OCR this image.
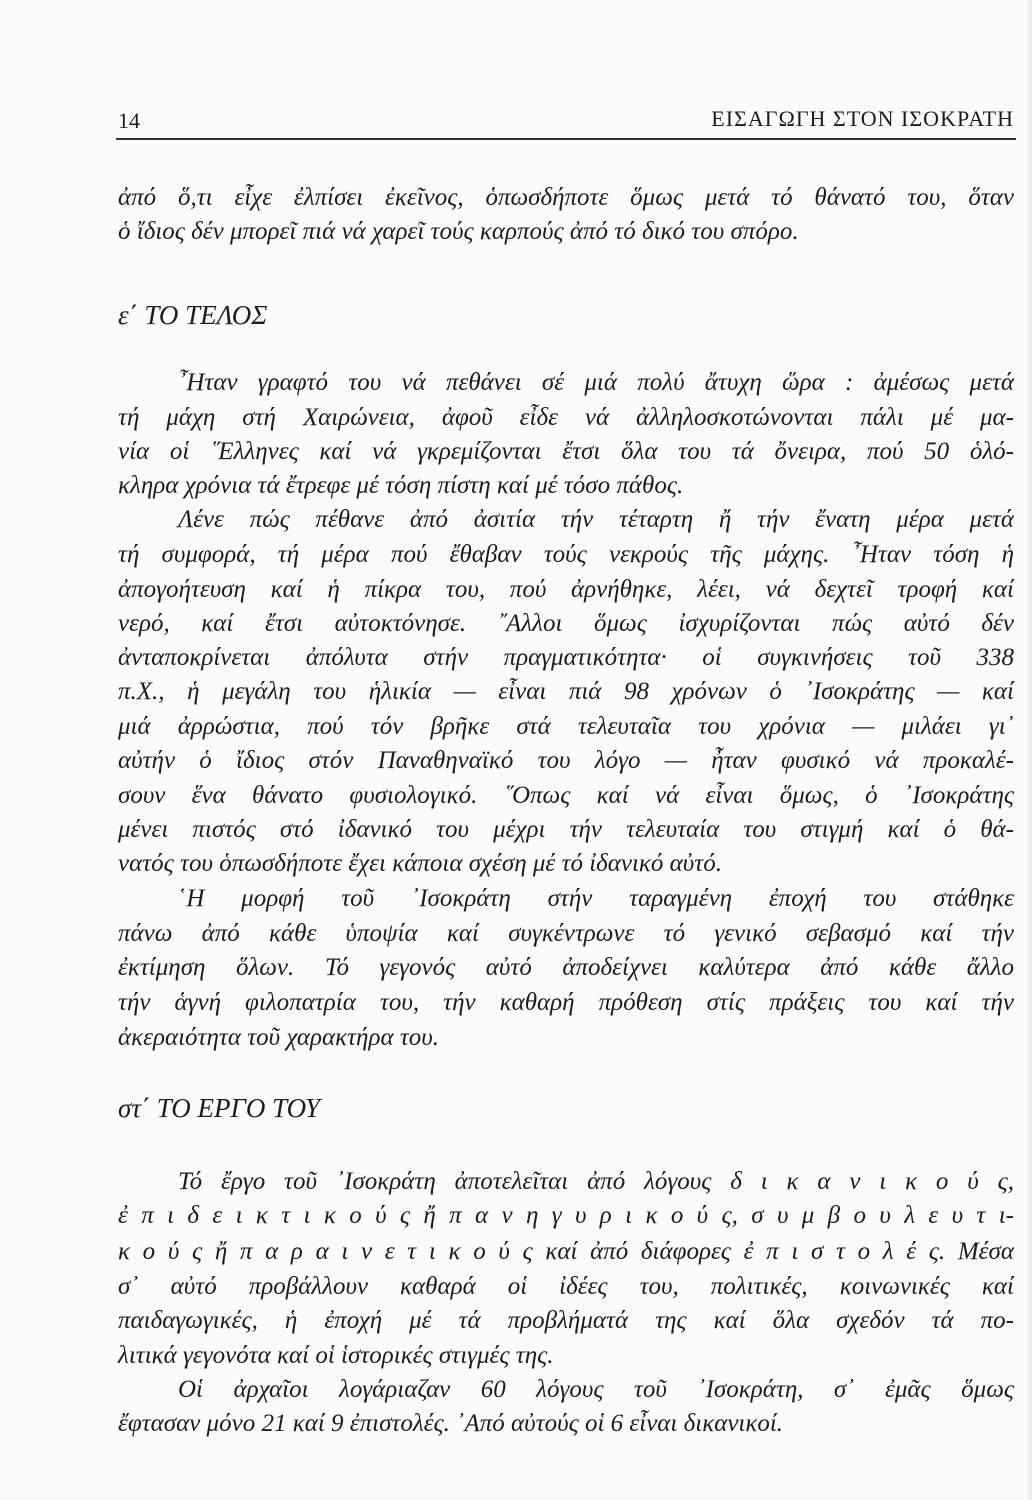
14	ΕΙΣΑΓΩΓΗ ΣΤΟΝ ΙΣΟΚΡΑΤΗ
ἀπό ὅ,τι εἶχε ἐλπίσει ἐκεῖνος, ὁπωσδήποτε ὅμως μετά τό θάνατό του, ὅταν
ὁ ἴδιος δέν μπορεῖ πιά νά χαρεῖ τούς καρπούς ἀπό τό δικό του σπόρο.
ε΄ ΤΟ ΤΕΛΟΣ
῏Ηταν γραφτό του νά πεθάνει σέ μιά πολύ ἄτυχη ὥρα : ἀμέσως μετά
τή μάχη στή Χαιρώνεια, ἀφοῦ εἶδε νά ἀλληλοσκοτώνονται πάλι μέ μα-
νία οἱ ῞Ελληνες καί νά γκρεμίζονται ἔτσι ὅλα του τά ὄνειρα, πού 50 ὁλό-
κληρα χρόνια τά ἔτρεφε μέ τόση πίστη καί μέ τόσο πάθος.
Λένε πώς πέθανε ἀπό ἀσιτία τήν τέταρτη ἤ τήν ἔνατη μέρα μετά
τή συμφορά, τή μέρα πού ἔθαβαν τούς νεκρούς τῆς μάχης. ῏Ηταν τόση ἡ
ἀπογοήτευση καί ἡ πίκρα του, πού ἀρνήθηκε, λέει, νά δεχτεῖ τροφή καί
νερό, καί ἔτσι αὐτοκτόνησε. ῎Αλλοι ὅμως ἰσχυρίζονται πώς αὐτό δέν
ἀνταποκρίνεται ἀπόλυτα στήν πραγματικότητα· οἱ συγκινήσεις τοῦ 338
π.Χ., ἡ μεγάλη του ἡλικία — εἶναι πιά 98 χρόνων ὁ ᾿Ισοκράτης — καί
μιά ἀρρώστια, πού τόν βρῆκε στά τελευταῖα του χρόνια — μιλάει γι᾿
αὐτήν ὁ ἴδιος στόν Παναθηναϊκό του λόγο — ἦταν φυσικό νά προκαλέ-
σουν ἕνα θάνατο φυσιολογικό. ῞Οπως καί νά εἶναι ὅμως, ὁ ᾿Ισοκράτης
μένει πιστός στό ἰδανικό του μέχρι τήν τελευταία του στιγμή καί ὁ θά-
νατός του ὁπωσδήποτε ἔχει κάποια σχέση μέ τό ἰδανικό αὐτό.
῾Η μορφή τοῦ ᾿Ισοκράτη στήν ταραγμένη ἐποχή του στάθηκε
πάνω ἀπό κάθε ὑποψία καί συγκέντρωνε τό γενικό σεβασμό καί τήν
ἐκτίμηση ὅλων. Τό γεγονός αὐτό ἀποδείχνει καλύτερα ἀπό κάθε ἄλλο
τήν ἁγνή φιλοπατρία του, τήν καθαρή πρόθεση στίς πράξεις του καί τήν
ἀκεραιότητα τοῦ χαρακτήρα του.
στ΄ ΤΟ ΕΡΓΟ ΤΟΥ
Τό ἔργο τοῦ ᾿Ισοκράτη ἀποτελεῖται ἀπό λόγους δ ι κ α ν ι κ ο ύ ς,
ἐ π ι δ ε ι κ τ ι κ ο ύ ς ἤ π α ν η γ υ ρ ι κ ο ύ ς, σ υ μ β ο υ λ ε υ τ ι-
κ ο ύ ς ἤ π α ρ α ι ν ε τ ι κ ο ύ ς καί ἀπό διάφορες ἐ π ι σ τ ο λ έ ς. Μέσα
σ᾿ αὐτό προβάλλουν καθαρά οἱ ἰδέες του, πολιτικές, κοινωνικές καί
παιδαγωγικές, ἡ ἐποχή μέ τά προβλήματά της καί ὅλα σχεδόν τά πο-
λιτικά γεγονότα καί οἱ ἱστορικές στιγμές της.
Οἱ ἀρχαῖοι λογάριαζαν 60 λόγους τοῦ ᾿Ισοκράτη, σ᾿ ἐμᾶς ὅμως
ἔφτασαν μόνο 21 καί 9 ἐπιστολές. ᾿Από αὐτούς οἱ 6 εἶναι δικανικοί.
